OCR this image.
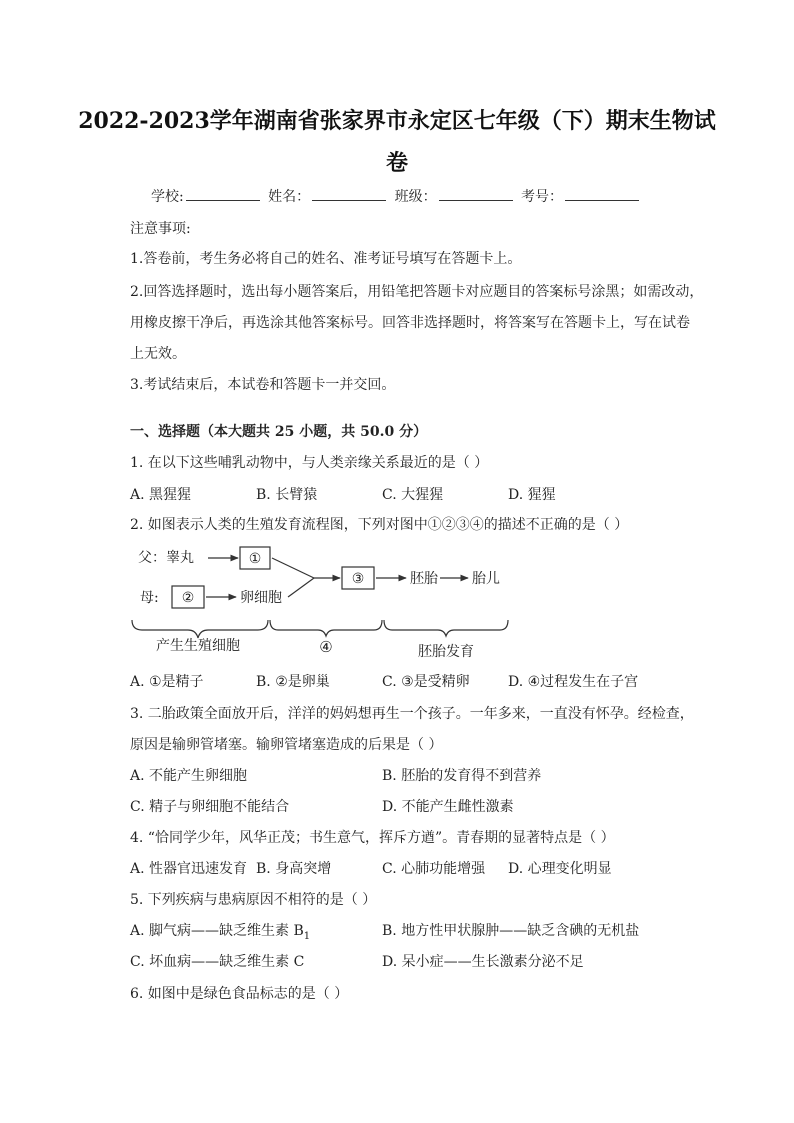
2022-2023学年湖南省张家界市永定区七年级（下）期末生物试
卷
学校:	姓名：	班级：	考号：
注意事项:
1.答卷前，考生务必将自己的姓名、准考证号填写在答题卡上。
2.回答选择题时，选出每小题答案后，用铅笔把答题卡对应题目的答案标号涂黑；如需改动，
用橡皮擦干净后，再选涂其他答案标号。回答非选择题时，将答案写在答题卡上，写在试卷
上无效。
3.考试结束后，本试卷和答题卡一并交回。
一、选择题（本大题共 25 小题，共 50.0 分）
1. 在以下这些哺乳动物中，与人类亲缘关系最近的是（ ）
A. 黑猩猩	B. 长臂猿	C. 大猩猩	D. 猩猩
2. 如图表示人类的生殖发育流程图，下列对图中①②③④的描述不正确的是（ ）
父：睾丸	①
母: ②	卵细胞
③	胚胎 胎儿
产生生殖细胞	④	胚胎发育
A. ①是精子	B. ②是卵巢	C. ③是受精卵	D. ④过程发生在子宫
3. 二胎政策全面放开后，洋洋的妈妈想再生一个孩子。一年多来，一直没有怀孕。经检查，
原因是输卵管堵塞。输卵管堵塞造成的后果是（ ）
A. 不能产生卵细胞	B. 胚胎的发育得不到营养
C. 精子与卵细胞不能结合	D. 不能产生雌性激素
4. “恰同学少年，风华正茂；书生意气，挥斥方遒”。青春期的显著特点是（ ）
A. 性器官迅速发育 B. 身高突增	C. 心肺功能增强 D. 心理变化明显
5. 下列疾病与患病原因不相符的是（ ）
A. 脚气病——缺乏维生素 $B_1$	B. 地方性甲状腺肿——缺乏含碘的无机盐
C. 坏血病——缺乏维生素 C	D. 呆小症——生长激素分泌不足
6. 如图中是绿色食品标志的是（ ）
